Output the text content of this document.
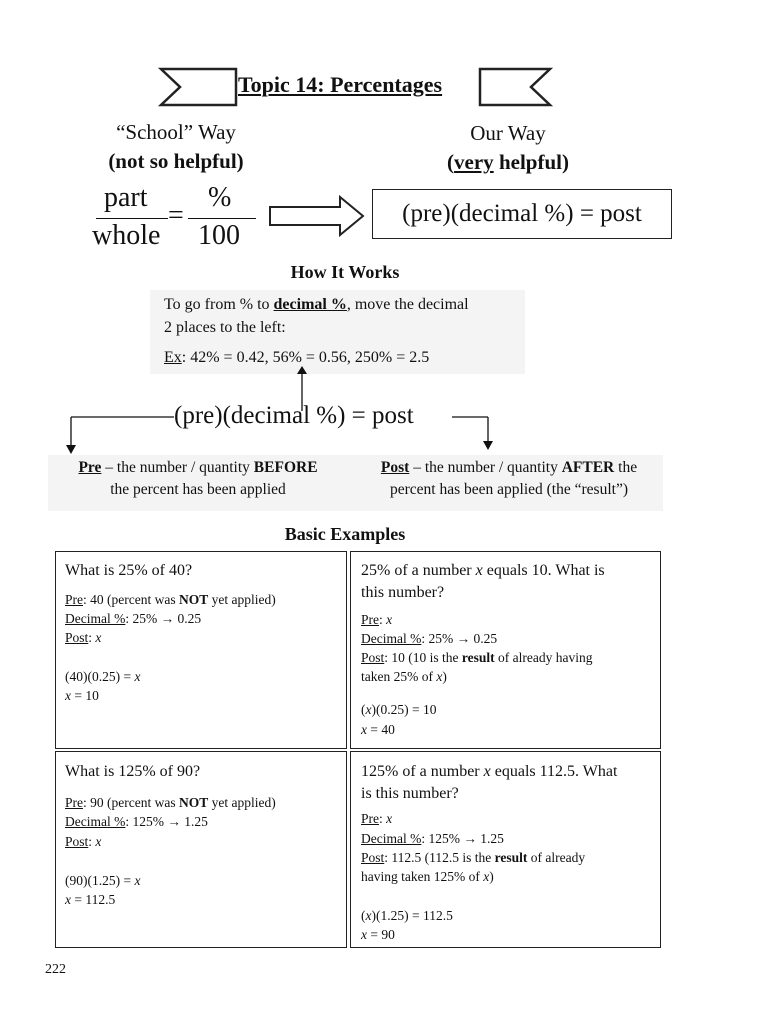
Topic 14: Percentages
“School” Way
(not so helpful)
Our Way
(very helpful)
part
whole
=
%
100
(pre)(decimal %) = post
How It Works
To go from % to decimal %, move the decimal
2 places to the left:
Ex: 42% = 0.42, 56% = 0.56, 250% = 2.5
(pre)(decimal %) = post
Pre – the number / quantity BEFORE
the percent has been applied
Post – the number / quantity AFTER the
percent has been applied (the “result”)
Basic Examples
What is 25% of 40?
Pre: 40 (percent was NOT yet applied)
Decimal %: 25% → 0.25
Post: x
(40)(0.25) = x
x = 10
25% of a number x equals 10. What is
this number?
Pre: x
Decimal %: 25% → 0.25
Post: 10 (10 is the result of already having
taken 25% of x)
(x)(0.25) = 10
x = 40
What is 125% of 90?
Pre: 90 (percent was NOT yet applied)
Decimal %: 125% → 1.25
Post: x
(90)(1.25) = x
x = 112.5
125% of a number x equals 112.5. What
is this number?
Pre: x
Decimal %: 125% → 1.25
Post: 112.5 (112.5 is the result of already
having taken 125% of x)
(x)(1.25) = 112.5
x = 90
222
